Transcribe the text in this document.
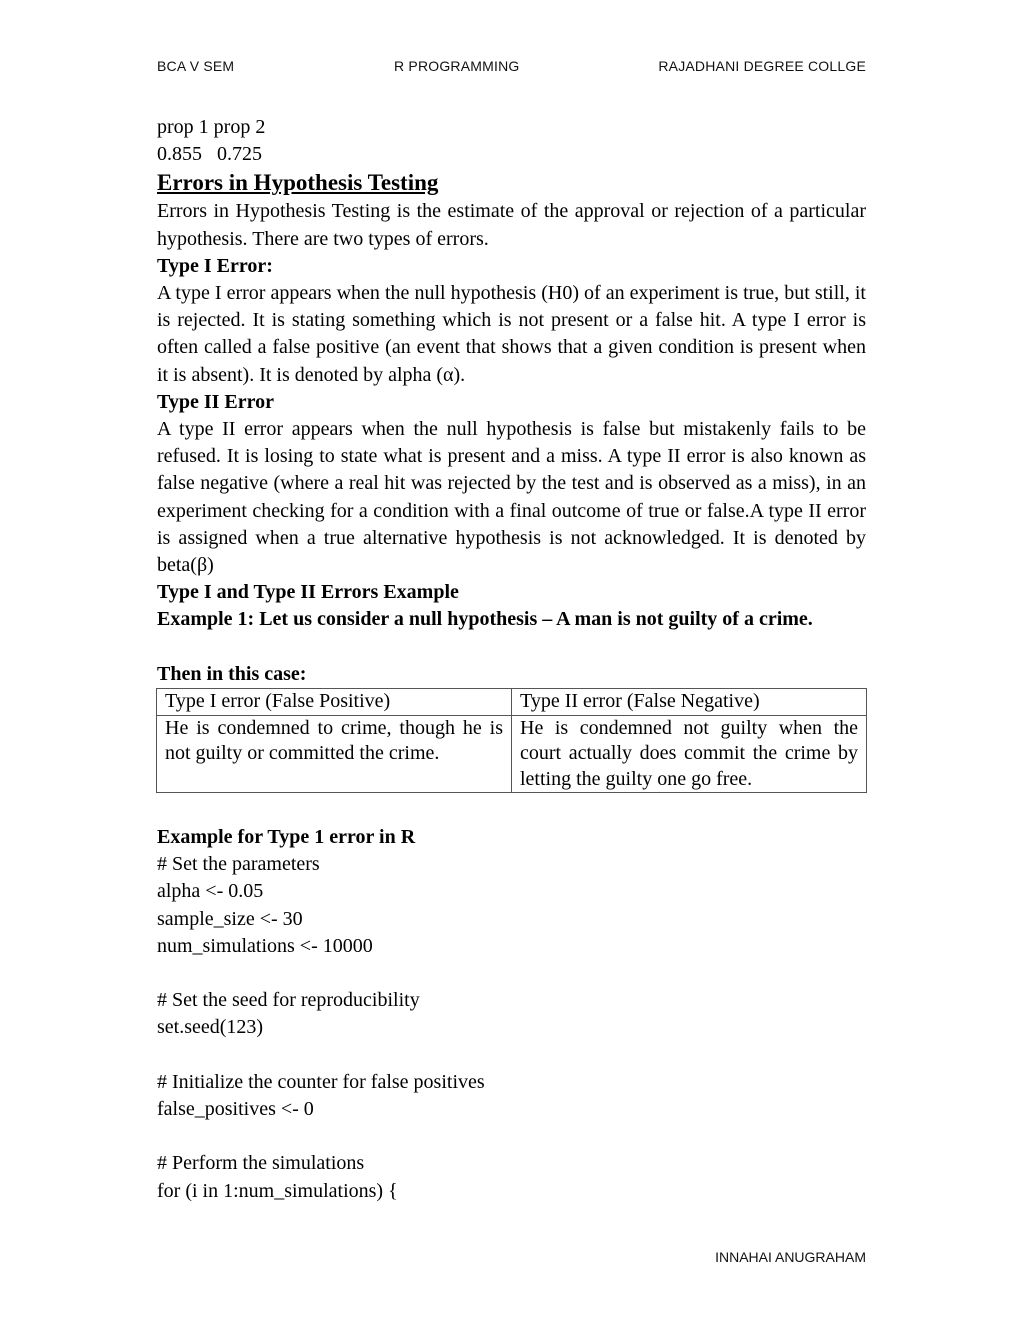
BCA V SEM	R PROGRAMMING	RAJADHANI DEGREE COLLGE
prop 1 prop 2
0.855   0.725
Errors in Hypothesis Testing

Errors in Hypothesis Testing is the estimate of the approval or rejection of a particular hypothesis. There are two types of errors.

Type I Error:

A type I error appears when the null hypothesis (H0) of an experiment is true, but still, it is rejected. It is stating something which is not present or a false hit. A type I error is often called a false positive (an event that shows that a given condition is present when it is absent). It is denoted by alpha (α).

Type II Error

A type II error appears when the null hypothesis is false but mistakenly fails to be refused. It is losing to state what is present and a miss. A type II error is also known as false negative (where a real hit was rejected by the test and is observed as a miss), in an experiment checking for a condition with a final outcome of true or false.A type II error is assigned when a true alternative hypothesis is not acknowledged. It is denoted by beta(β)

Type I and Type II Errors Example

Example 1: Let us consider a null hypothesis – A man is not guilty of a crime.

Then in this case:

Type I error (False Positive)	Type II error (False Negative)
He is condemned to crime, though he is not guilty or committed the crime.	He is condemned not guilty when the court actually does commit the crime by letting the guilty one go free.

Example for Type 1 error in R

# Set the parameters
alpha <- 0.05
sample_size <- 30
num_simulations <- 10000
# Set the seed for reproducibility
set.seed(123)
# Initialize the counter for false positives
false_positives <- 0
# Perform the simulations
for (i in 1:num_simulations) {
INNAHAI ANUGRAHAM
